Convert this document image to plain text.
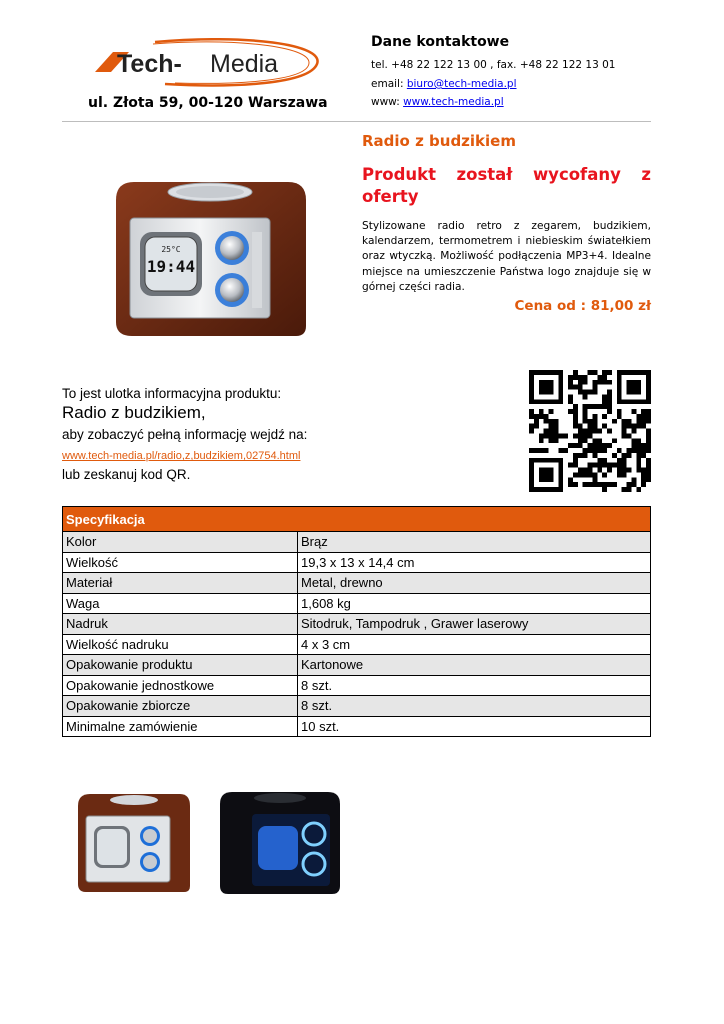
Tech- Media
ul. Złota 59, 00-120 Warszawa
Dane kontaktowe
tel. +48 22 122 13 00 , fax. +48 22 122 13 01
email: biuro@tech-media.pl
www: www.tech-media.pl
25°C
19:44
Radio z budzikiem
Produkt został wycofany z
oferty
Stylizowane radio retro z zegarem, budzikiem, kalendarzem, termometrem i niebieskim światełkiem oraz wtyczką. Możliwość podłączenia MP3+4. Idealne miejsce na umieszczenie Państwa logo znajduje się w górnej części radia.
Cena od : 81,00 zł
To jest ulotka informacyjna produktu:
Radio z budzikiem,
aby zobaczyć pełną informację wejdź na:
www.tech-media.pl/radio,z,budzikiem,02754.html
lub zeskanuj kod QR.
Specyfikacja	
Kolor	Brąz
Wielkość	19,3 x 13 x 14,4 cm
Materiał	Metal, drewno
Waga	1,608 kg
Nadruk	Sitodruk, Tampodruk , Grawer laserowy
Wielkość nadruku	4 x 3 cm
Opakowanie produktu	Kartonowe
Opakowanie jednostkowe	8 szt.
Opakowanie zbiorcze	8 szt.
Minimalne zamówienie	10 szt.
